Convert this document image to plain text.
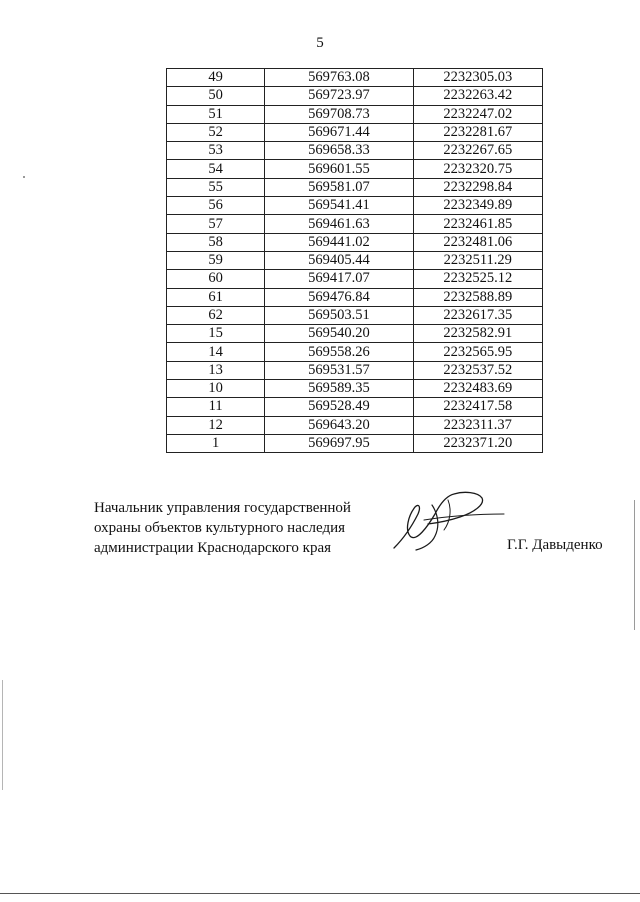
5
49	569763.08	2232305.03
50	569723.97	2232263.42
51	569708.73	2232247.02
52	569671.44	2232281.67
53	569658.33	2232267.65
54	569601.55	2232320.75
55	569581.07	2232298.84
56	569541.41	2232349.89
57	569461.63	2232461.85
58	569441.02	2232481.06
59	569405.44	2232511.29
60	569417.07	2232525.12
61	569476.84	2232588.89
62	569503.51	2232617.35
15	569540.20	2232582.91
14	569558.26	2232565.95
13	569531.57	2232537.52
10	569589.35	2232483.69
11	569528.49	2232417.58
12	569643.20	2232311.37
1	569697.95	2232371.20
Начальник управления государственной
охраны объектов культурного наследия
администрации Краснодарского края	Г.Г. Давыденко
